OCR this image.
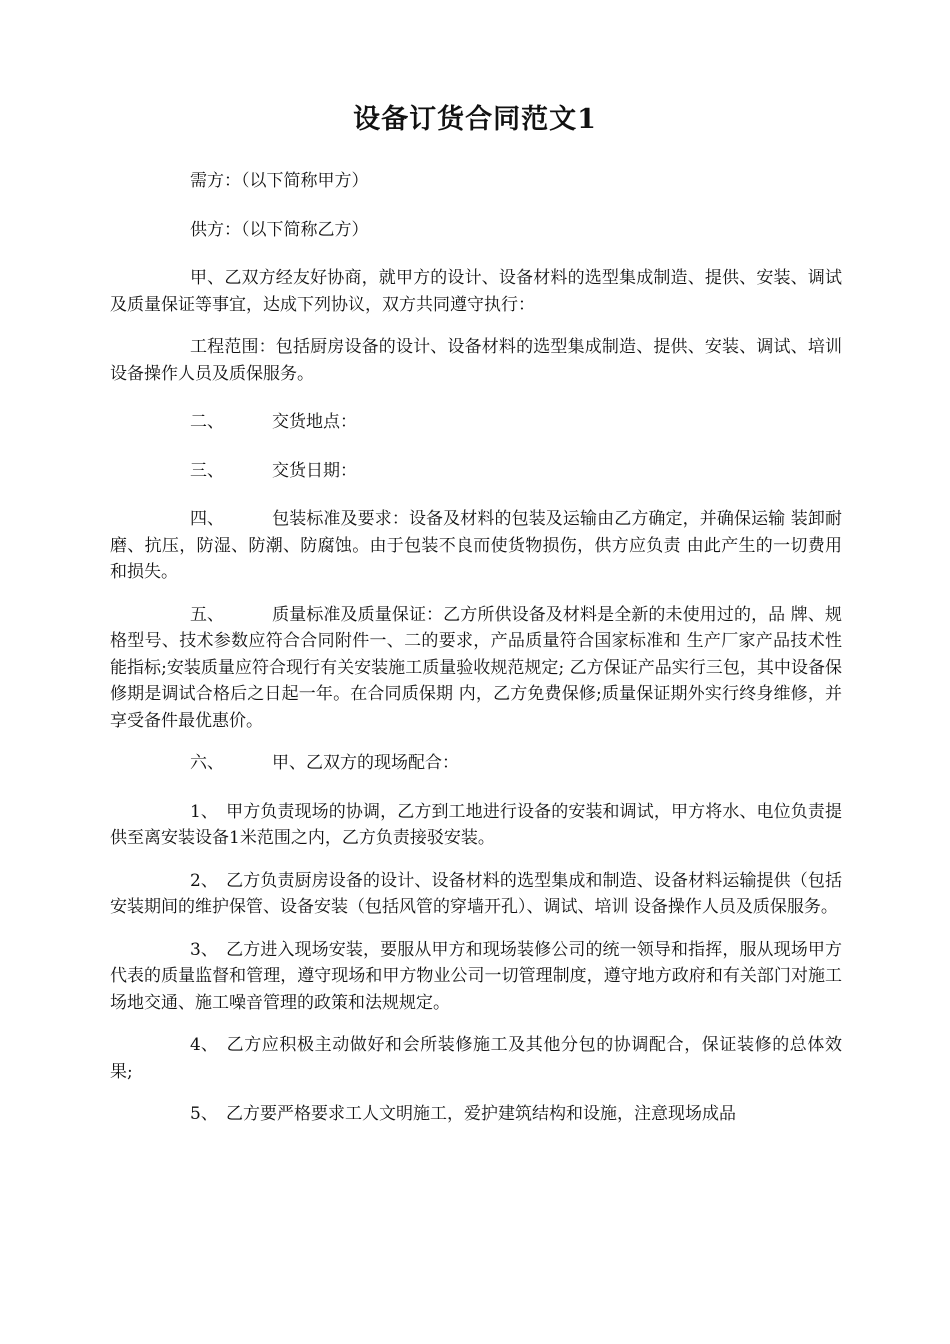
设备订货合同范文1

需方：（以下简称甲方）

供方：（以下简称乙方）

甲、乙双方经友好协商，就甲方的设计、设备材料的选型集成制造、提供、安装、调试及质量保证等事宜，达成下列协议，双方共同遵守执行：

工程范围：包括厨房设备的设计、设备材料的选型集成制造、提供、安装、调试、培训设备操作人员及质保服务。

二、	交货地点：

三、	交货日期：

四、	包装标准及要求：设备及材料的包装及运输由乙方确定，并确保运输 装卸耐磨、抗压，防湿、防潮、防腐蚀。由于包装不良而使货物损伤，供方应负责 由此产生的一切费用和损失。

五、	质量标准及质量保证：乙方所供设备及材料是全新的未使用过的，品 牌、规格型号、技术参数应符合合同附件一、二的要求，产品质量符合国家标准和 生产厂家产品技术性能指标;安装质量应符合现行有关安装施工质量验收规范规定; 乙方保证产品实行三包，其中设备保修期是调试合格后之日起一年。在合同质保期 内，乙方免费保修;质量保证期外实行终身维修，并享受备件最优惠价。

六、	甲、乙双方的现场配合：

1、 甲方负责现场的协调，乙方到工地进行设备的安装和调试，甲方将水、电位负责提供至离安装设备1米范围之内，乙方负责接驳安装。

2、 乙方负责厨房设备的设计、设备材料的选型集成和制造、设备材料运输提供（包括安装期间的维护保管、设备安装（包括风管的穿墙开孔）、调试、培训 设备操作人员及质保服务。

3、 乙方进入现场安装，要服从甲方和现场装修公司的统一领导和指挥，服从现场甲方代表的质量监督和管理，遵守现场和甲方物业公司一切管理制度，遵守地方政府和有关部门对施工场地交通、施工噪音管理的政策和法规规定。

4、 乙方应积极主动做好和会所装修施工及其他分包的协调配合，保证装修的总体效果;

5、 乙方要严格要求工人文明施工，爱护建筑结构和设施，注意现场成品
